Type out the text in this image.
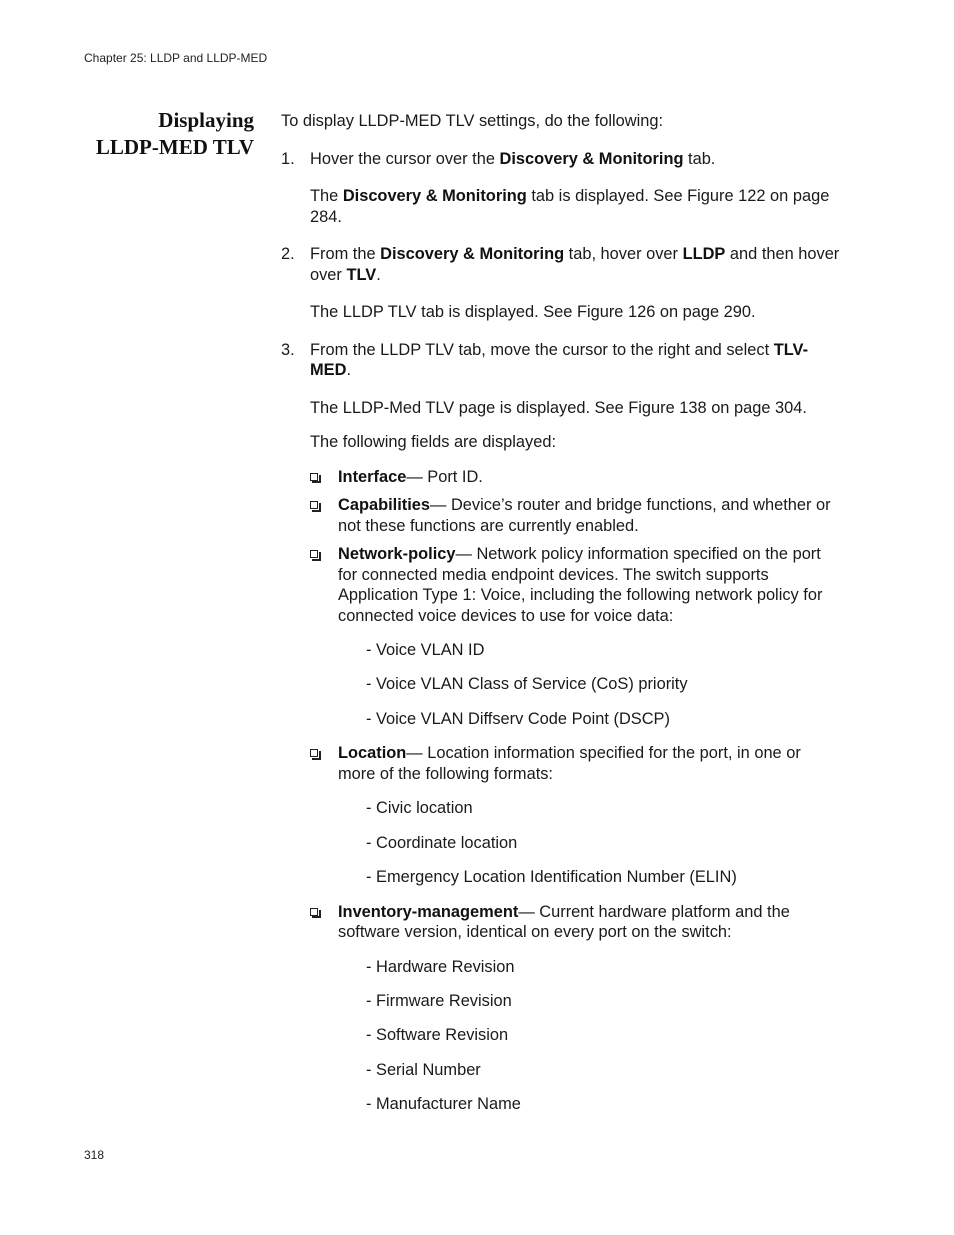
Chapter 25: LLDP and LLDP-MED
Displaying
LLDP-MED TLV

To display LLDP-MED TLV settings, do the following:

1. Hover the cursor over the Discovery & Monitoring tab.

The Discovery & Monitoring tab is displayed. See Figure 122 on page 284.

2. From the Discovery & Monitoring tab, hover over LLDP and then hover over TLV.

The LLDP TLV tab is displayed. See Figure 126 on page 290.

3. From the LLDP TLV tab, move the cursor to the right and select TLV-MED.

The LLDP-Med TLV page is displayed. See Figure 138 on page 304.

The following fields are displayed:

Interface— Port ID.
Capabilities— Device’s router and bridge functions, and whether or not these functions are currently enabled.
Network-policy— Network policy information specified on the port for connected media endpoint devices. The switch supports Application Type 1: Voice, including the following network policy for connected voice devices to use for voice data:
- Voice VLAN ID
- Voice VLAN Class of Service (CoS) priority
- Voice VLAN Diffserv Code Point (DSCP)
Location— Location information specified for the port, in one or more of the following formats:
- Civic location
- Coordinate location
- Emergency Location Identification Number (ELIN)
Inventory-management— Current hardware platform and the software version, identical on every port on the switch:
- Hardware Revision
- Firmware Revision
- Software Revision
- Serial Number
- Manufacturer Name
318
